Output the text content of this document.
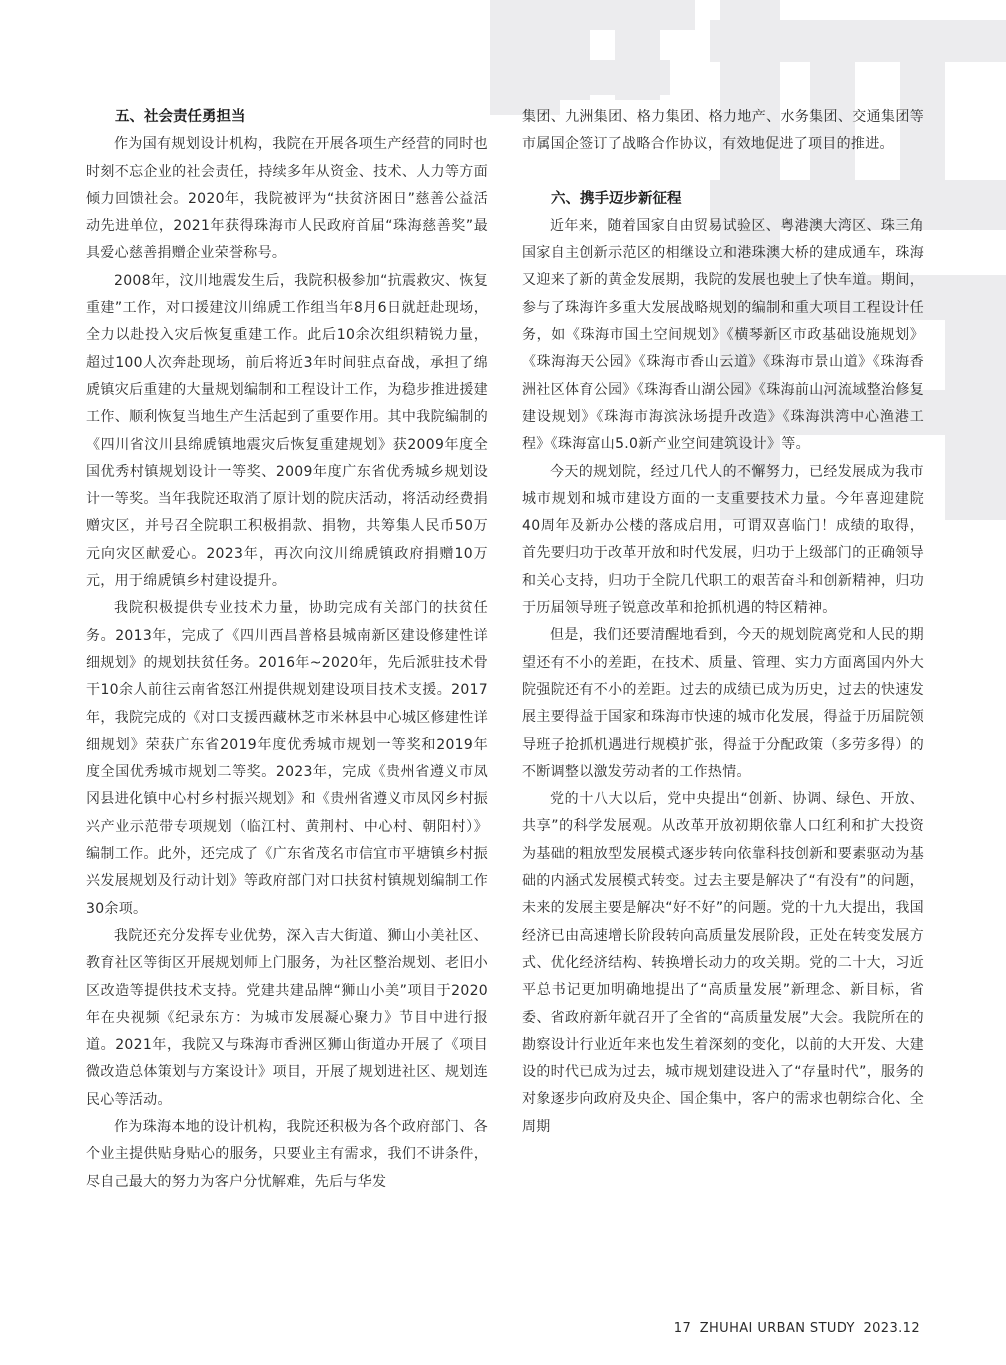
五、社会责任勇担当

作为国有规划设计机构，我院在开展各项生产经营的同时也时刻不忘企业的社会责任，持续多年从资金、技术、人力等方面倾力回馈社会。2020年，我院被评为“扶贫济困日”慈善公益活动先进单位，2021年获得珠海市人民政府首届“珠海慈善奖”最具爱心慈善捐赠企业荣誉称号。

2008年，汶川地震发生后，我院积极参加“抗震救灾、恢复重建”工作，对口援建汶川绵虒工作组当年8月6日就赶赴现场，全力以赴投入灾后恢复重建工作。此后10余次组织精锐力量，超过100人次奔赴现场，前后将近3年时间驻点奋战，承担了绵虒镇灾后重建的大量规划编制和工程设计工作，为稳步推进援建工作、顺利恢复当地生产生活起到了重要作用。其中我院编制的《四川省汶川县绵虒镇地震灾后恢复重建规划》获2009年度全国优秀村镇规划设计一等奖、2009年度广东省优秀城乡规划设计一等奖。当年我院还取消了原计划的院庆活动，将活动经费捐赠灾区，并号召全院职工积极捐款、捐物，共筹集人民币50万元向灾区献爱心。2023年，再次向汶川绵虒镇政府捐赠10万元，用于绵虒镇乡村建设提升。

我院积极提供专业技术力量，协助完成有关部门的扶贫任务。2013年，完成了《四川西昌普格县城南新区建设修建性详细规划》的规划扶贫任务。2016年~2020年，先后派驻技术骨干10余人前往云南省怒江州提供规划建设项目技术支援。2017年，我院完成的《对口支援西藏林芝市米林县中心城区修建性详细规划》荣获广东省2019年度优秀城市规划一等奖和2019年度全国优秀城市规划二等奖。2023年，完成《贵州省遵义市凤冈县进化镇中心村乡村振兴规划》和《贵州省遵义市凤冈乡村振兴产业示范带专项规划（临江村、黄荆村、中心村、朝阳村）》编制工作。此外，还完成了《广东省茂名市信宜市平塘镇乡村振兴发展规划及行动计划》等政府部门对口扶贫村镇规划编制工作30余项。

我院还充分发挥专业优势，深入吉大街道、狮山小美社区、教育社区等街区开展规划师上门服务，为社区整治规划、老旧小区改造等提供技术支持。党建共建品牌“狮山小美”项目于2020年在央视频《纪录东方：为城市发展凝心聚力》节目中进行报道。2021年，我院又与珠海市香洲区狮山街道办开展了《项目微改造总体策划与方案设计》项目，开展了规划进社区、规划连民心等活动。

作为珠海本地的设计机构，我院还积极为各个政府部门、各个业主提供贴身贴心的服务，只要业主有需求，我们不讲条件，尽自己最大的努力为客户分忧解难，先后与华发

集团、九洲集团、格力集团、格力地产、水务集团、交通集团等市属国企签订了战略合作协议，有效地促进了项目的推进。

六、携手迈步新征程

近年来，随着国家自由贸易试验区、粤港澳大湾区、珠三角国家自主创新示范区的相继设立和港珠澳大桥的建成通车，珠海又迎来了新的黄金发展期，我院的发展也驶上了快车道。期间，参与了珠海许多重大发展战略规划的编制和重大项目工程设计任务，如《珠海市国土空间规划》《横琴新区市政基础设施规划》《珠海海天公园》《珠海市香山云道》《珠海市景山道》《珠海香洲社区体育公园》《珠海香山湖公园》《珠海前山河流域整治修复建设规划》《珠海市海滨泳场提升改造》《珠海洪湾中心渔港工程》《珠海富山5.0新产业空间建筑设计》等。

今天的规划院，经过几代人的不懈努力，已经发展成为我市城市规划和城市建设方面的一支重要技术力量。今年喜迎建院40周年及新办公楼的落成启用，可谓双喜临门！成绩的取得，首先要归功于改革开放和时代发展，归功于上级部门的正确领导和关心支持，归功于全院几代职工的艰苦奋斗和创新精神，归功于历届领导班子锐意改革和抢抓机遇的特区精神。

但是，我们还要清醒地看到，今天的规划院离党和人民的期望还有不小的差距，在技术、质量、管理、实力方面离国内外大院强院还有不小的差距。过去的成绩已成为历史，过去的快速发展主要得益于国家和珠海市快速的城市化发展，得益于历届院领导班子抢抓机遇进行规模扩张，得益于分配政策（多劳多得）的不断调整以激发劳动者的工作热情。

党的十八大以后，党中央提出“创新、协调、绿色、开放、共享”的科学发展观。从改革开放初期依靠人口红利和扩大投资为基础的粗放型发展模式逐步转向依靠科技创新和要素驱动为基础的内涵式发展模式转变。过去主要是解决了“有没有”的问题，未来的发展主要是解决“好不好”的问题。党的十九大提出，我国经济已由高速增长阶段转向高质量发展阶段，正处在转变发展方式、优化经济结构、转换增长动力的攻关期。党的二十大，习近平总书记更加明确地提出了“高质量发展”新理念、新目标，省委、省政府新年就召开了全省的“高质量发展”大会。我院所在的勘察设计行业近年来也发生着深刻的变化，以前的大开发、大建设的时代已成为过去，城市规划建设进入了“存量时代”，服务的对象逐步向政府及央企、国企集中，客户的需求也朝综合化、全周期

17 ZHUHAI URBAN STUDY 2023.12
